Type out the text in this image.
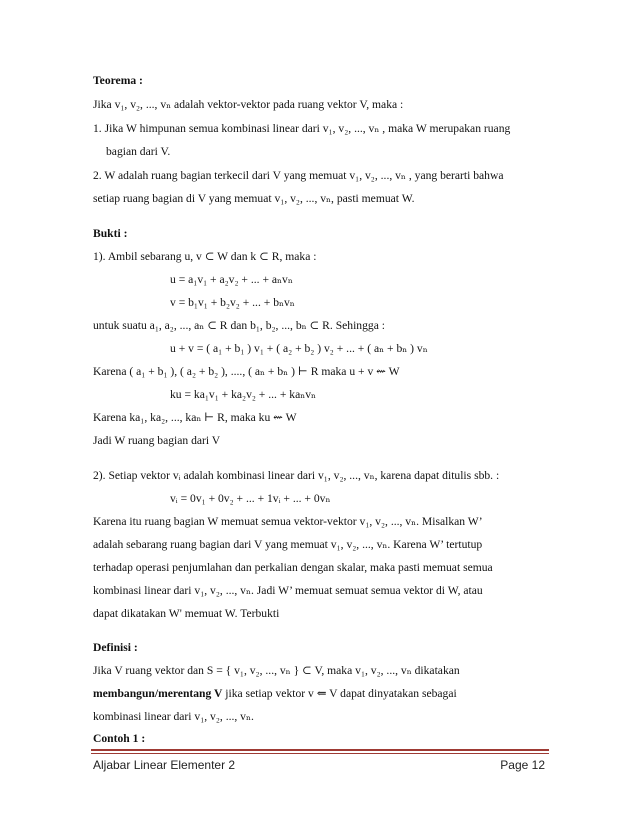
Teorema :
Jika v₁, v₂, ..., vₙ adalah vektor-vektor pada ruang vektor V, maka :
1. Jika W himpunan semua kombinasi linear dari v₁, v₂, ..., vₙ , maka W merupakan ruang
bagian dari V.
2. W adalah ruang bagian terkecil dari V yang memuat v₁, v₂, ..., vₙ , yang berarti bahwa
setiap ruang bagian di V yang memuat v₁, v₂, ..., vₙ, pasti memuat W.
Bukti :
1). Ambil sebarang u, v ⊂ W dan k ⊂ R, maka :
u = a₁v₁ + a₂v₂ + ... + aₙvₙ
v = b₁v₁ + b₂v₂ + ... + bₙvₙ
untuk suatu a₁, a₂, ..., aₙ ⊂ R dan b₁, b₂, ..., bₙ ⊂ R. Sehingga :
u + v = ( a₁ + b₁ ) v₁ + ( a₂ + b₂ ) v₂ + ... + ( aₙ + bₙ ) vₙ
Karena ( a₁ + b₁ ), ( a₂ + b₂ ), ...., ( aₙ + bₙ ) ⊢ R maka u + v ⇜ W
ku = ka₁v₁ + ka₂v₂ + ... + kaₙvₙ
Karena ka₁, ka₂, ..., kaₙ ⊢ R, maka ku ⇜ W
Jadi W ruang bagian dari V
2). Setiap vektor vᵢ adalah kombinasi linear dari v₁, v₂, ..., vₙ, karena dapat ditulis sbb. :
vᵢ = 0v₁ + 0v₂ + ... + 1vᵢ + ... + 0vₙ
Karena itu ruang bagian W memuat semua vektor-vektor v₁, v₂, ..., vₙ. Misalkan W’
adalah sebarang ruang bagian dari V yang memuat v₁, v₂, ..., vₙ. Karena W’ tertutup
terhadap operasi penjumlahan dan perkalian dengan skalar, maka pasti memuat semua
kombinasi linear dari v₁, v₂, ..., vₙ. Jadi W’ memuat semuat semua vektor di W, atau
dapat dikatakan W' memuat W. Terbukti
Definisi :
Jika V ruang vektor dan S = { v₁, v₂, ..., vₙ } ⊂ V, maka v₁, v₂, ..., vₙ dikatakan
membangun/merentang V jika setiap vektor v ⇐ V dapat dinyatakan sebagai
kombinasi linear dari v₁, v₂, ..., vₙ.
Contoh 1 :
Aljabar Linear Elementer 2	Page 12
